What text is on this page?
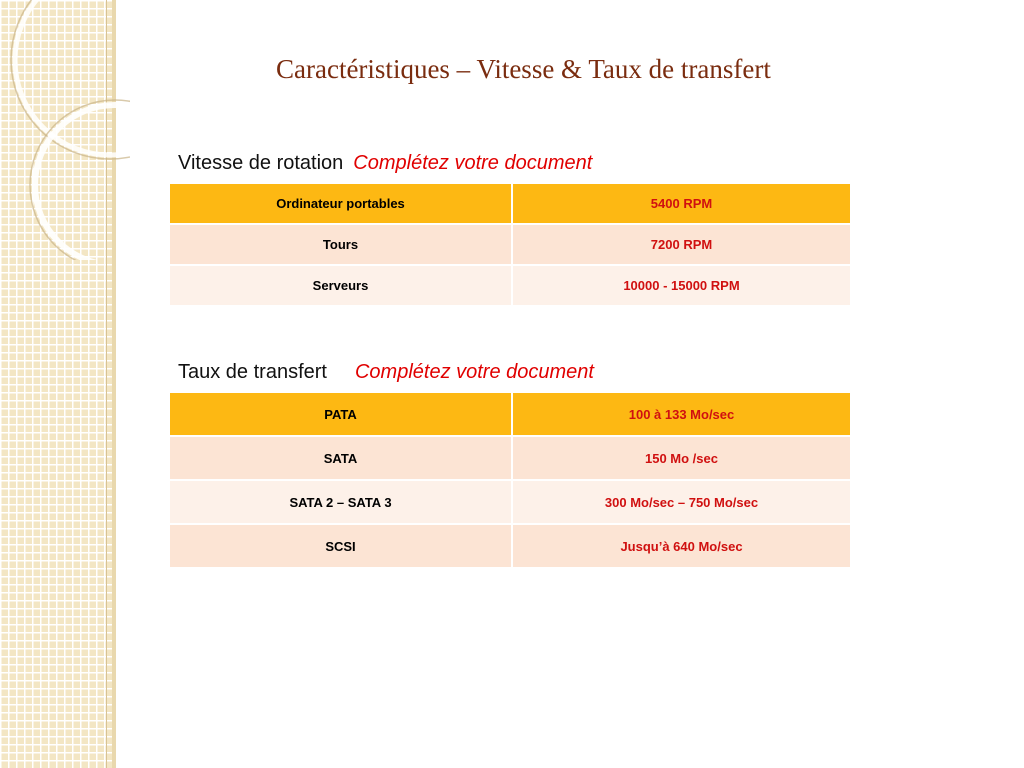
Caractéristiques – Vitesse & Taux de transfert
Vitesse de rotation Complétez votre document
Ordinateur portables	5400 RPM
Tours	7200 RPM
Serveurs	10000 - 15000 RPM
Taux de transfert Complétez votre document
PATA	100 à 133 Mo/sec
SATA	150 Mo /sec
SATA 2 – SATA 3	300 Mo/sec – 750 Mo/sec
SCSI	Jusqu’à 640 Mo/sec
